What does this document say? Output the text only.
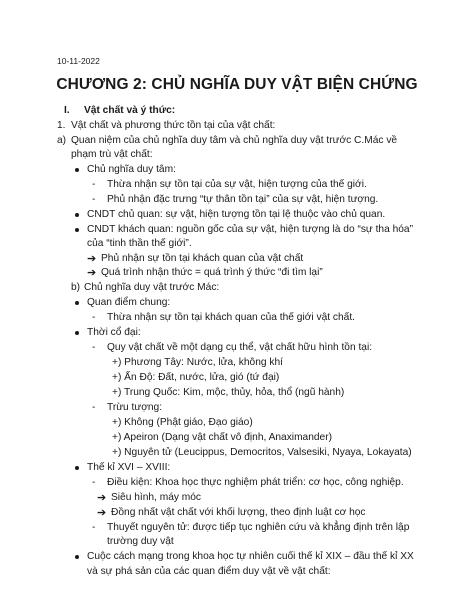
10-11-2022
CHƯƠNG 2: CHỦ NGHĨA DUY VẬT BIỆN CHỨNG
I. Vật chất và ý thức:
1. Vật chất và phương thức tồn tại của vật chất:
a) Quan niệm của chủ nghĩa duy tâm và chủ nghĩa duy vật trước C.Mác về
phạm trù vật chất:
Chủ nghĩa duy tâm:
- Thừa nhận sự tồn tại của sự vật, hiện tượng của thế giới.
- Phủ nhận đặc trưng “tự thân tồn tại” của sự vật, hiện tượng.
CNDT chủ quan: sự vật, hiện tượng tồn tại lệ thuộc vào chủ quan.
CNDT khách quan: nguồn gốc của sự vật, hiện tượng là do “sự tha hóa”
của “tinh thần thế giới”.
➔ Phủ nhận sự tồn tại khách quan của vật chất
➔ Quá trình nhận thức = quá trình ý thức “đi tìm lại”
b) Chủ nghĩa duy vật trước Mác:
Quan điểm chung:
- Thừa nhận sự tồn tại khách quan của thế giới vật chất.
Thời cổ đại:
- Quy vật chất về một dạng cụ thể, vật chất hữu hình tồn tại:
+) Phương Tây: Nước, lửa, không khí
+) Ấn Độ: Đất, nước, lửa, gió (tứ đại)
+) Trung Quốc: Kim, mộc, thủy, hỏa, thổ (ngũ hành)
- Trừu tượng:
+) Không (Phật giáo, Đạo giáo)
+) Apeiron (Dạng vật chất vô định, Anaximander)
+) Nguyên tử (Leucippus, Democritos, Valsesiki, Nyaya, Lokayata)
Thế kỉ XVI – XVIII:
- Điều kiện: Khoa học thực nghiệm phát triển: cơ học, công nghiệp.
➔ Siêu hình, máy móc
➔ Đồng nhất vật chất với khối lượng, theo định luật cơ học
- Thuyết nguyên tử: được tiếp tục nghiên cứu và khẳng định trên lập
trường duy vật
Cuộc cách mạng trong khoa học tự nhiên cuối thế kỉ XIX – đầu thế kỉ XX
và sự phá sản của các quan điểm duy vật về vật chất:
